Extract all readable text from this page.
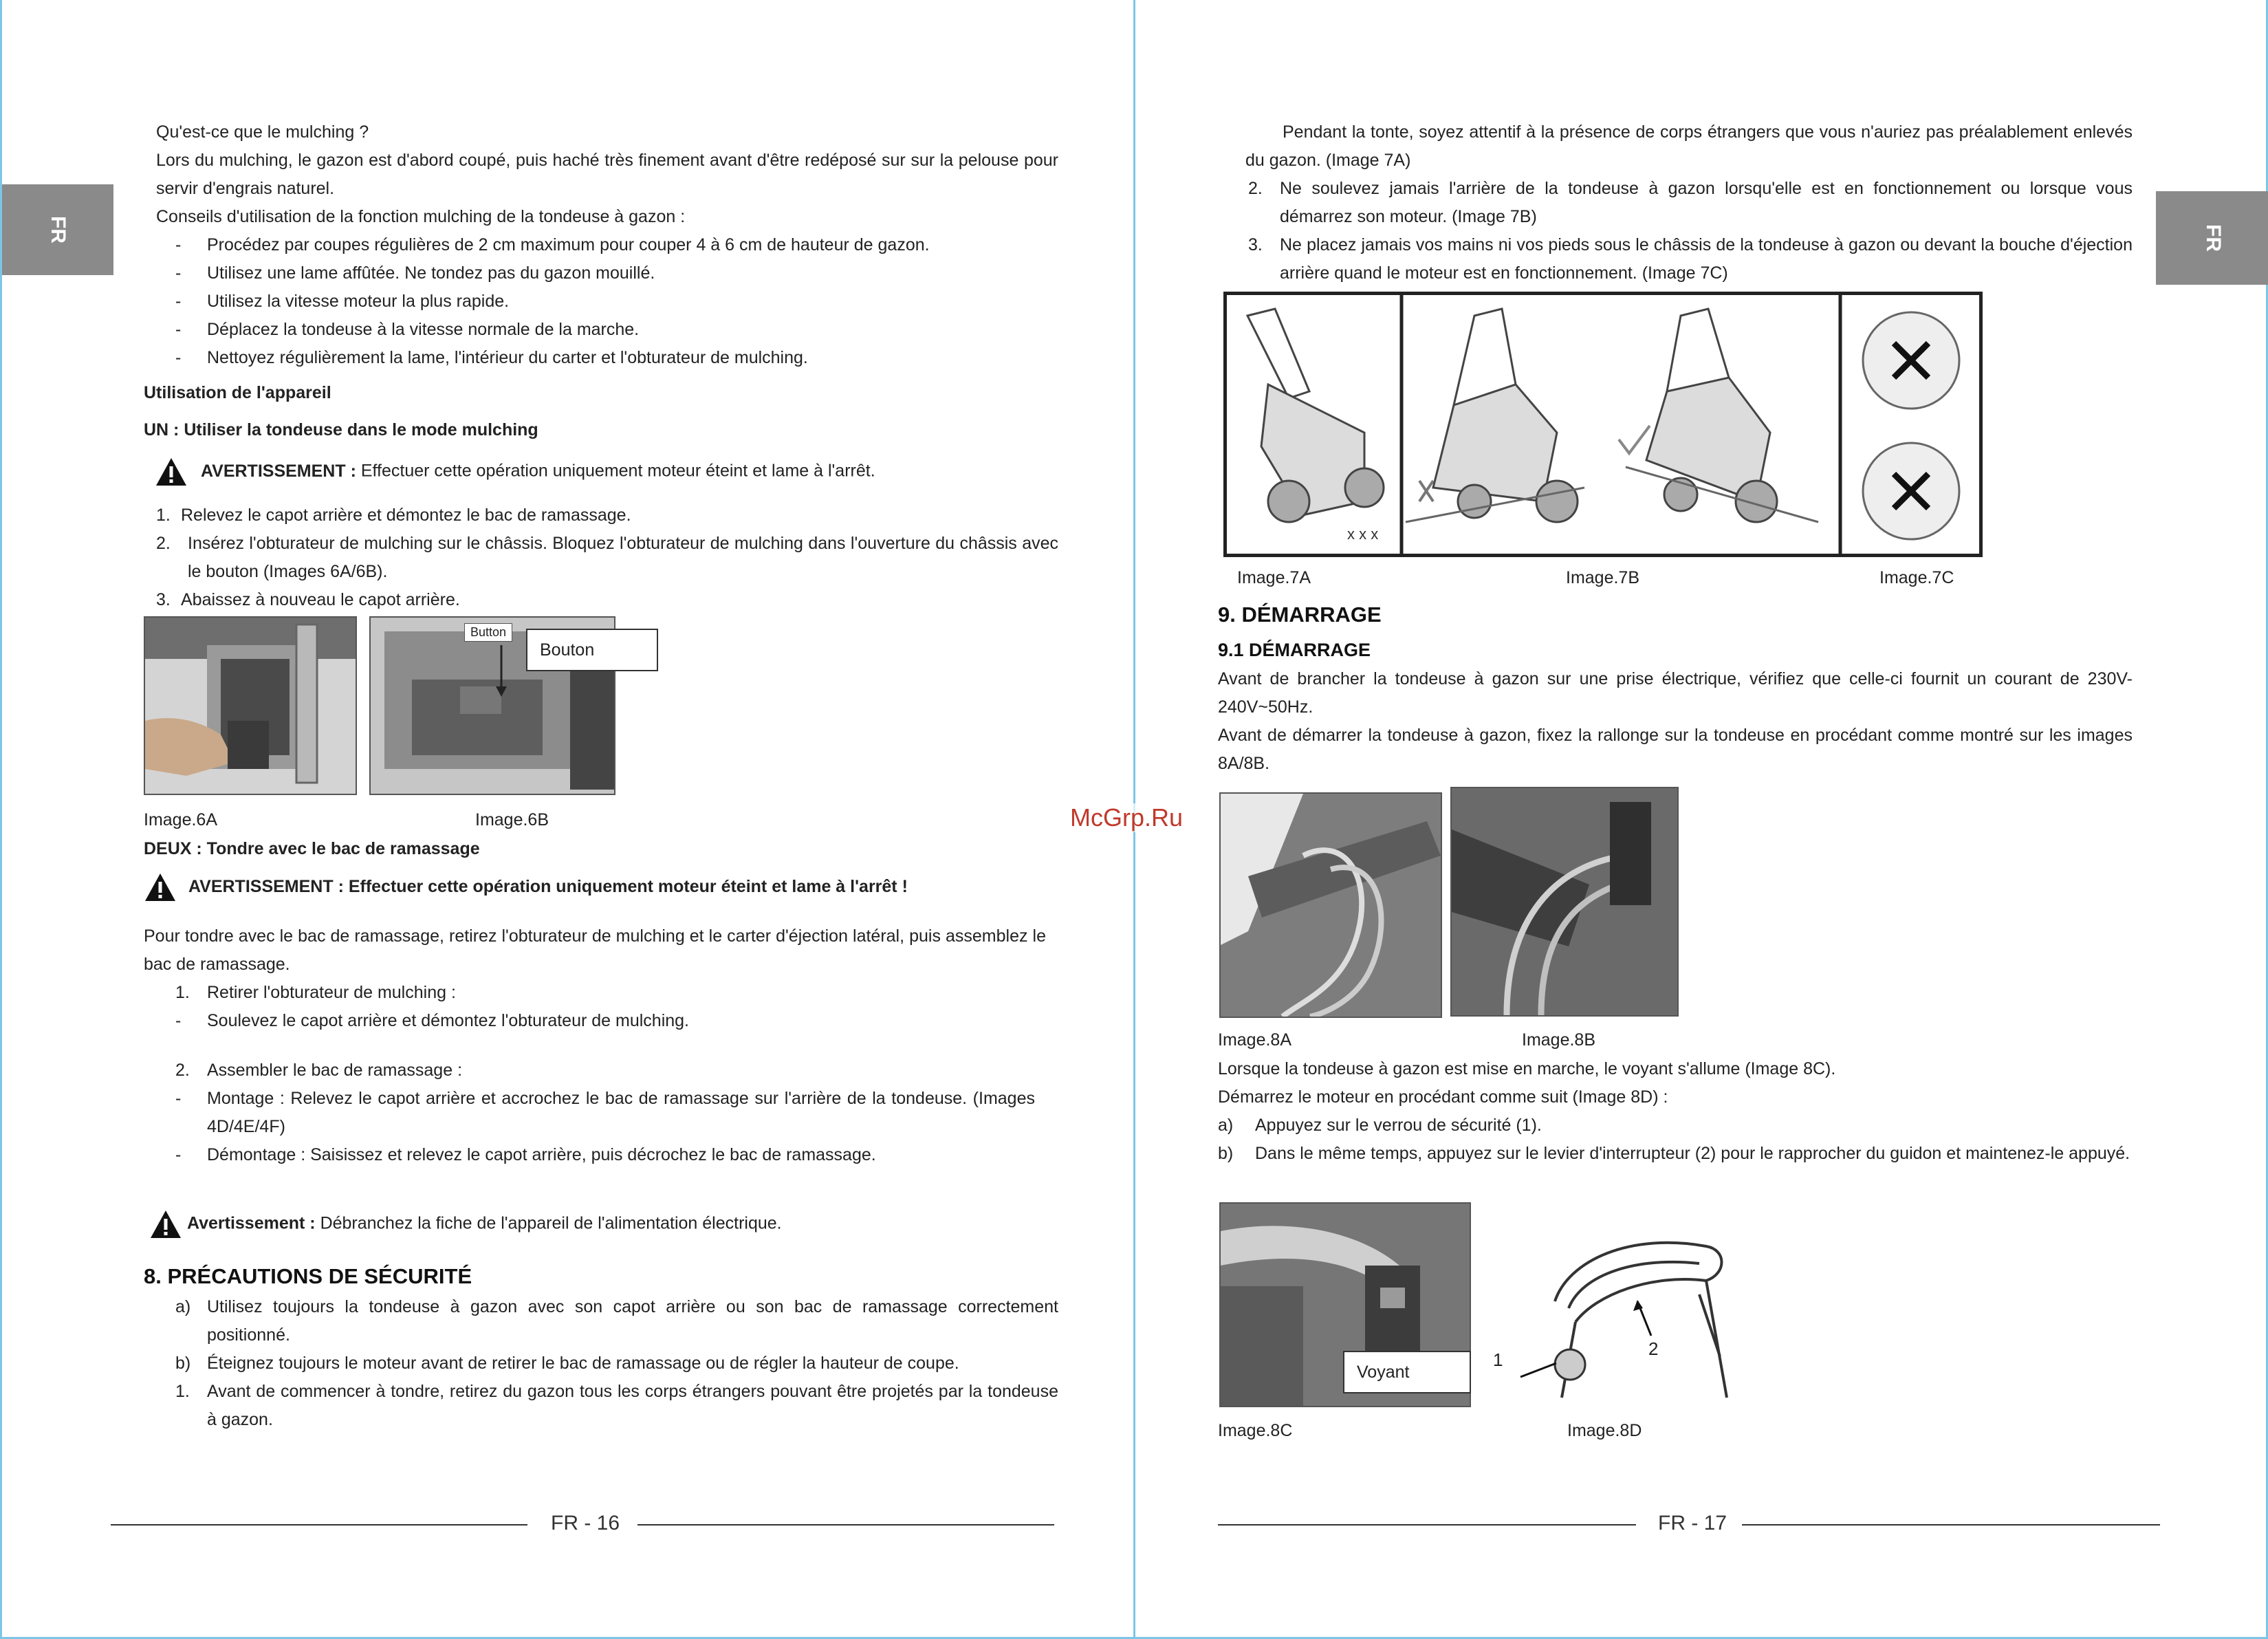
FR
Qu'est-ce que le mulching ?
Lors du mulching, le gazon est d'abord coupé, puis haché très finement avant d'être redéposé sur sur la pelouse pour servir d'engrais naturel.
Conseils d'utilisation de la fonction mulching de la tondeuse à gazon :
-	Procédez par coupes régulières de 2 cm maximum pour couper 4 à 6 cm de hauteur de gazon.
-	Utilisez une lame affûtée. Ne tondez pas du gazon mouillé.
-	Utilisez la vitesse moteur la plus rapide.
-	Déplacez la tondeuse à la vitesse normale de la marche.
-	Nettoyez régulièrement la lame, l'intérieur du carter et l'obturateur de mulching.
Utilisation de l'appareil
UN : Utiliser la tondeuse dans le mode mulching
AVERTISSEMENT : Effectuer cette opération uniquement moteur éteint et lame à l'arrêt.
1. Relevez le capot arrière et démontez le bac de ramassage.
2.	Insérez l'obturateur de mulching sur le châssis. Bloquez l'obturateur de mulching dans l'ouverture du châssis avec le bouton (Images 6A/6B).
3. Abaissez à nouveau le capot arrière.
Button
Bouton
Image.6A	Image.6B
DEUX : Tondre avec le bac de ramassage
AVERTISSEMENT : Effectuer cette opération uniquement moteur éteint et lame à l'arrêt !
Pour tondre avec le bac de ramassage, retirez l'obturateur de mulching et le carter d'éjection latéral, puis assemblez le bac de ramassage.
1.	Retirer l'obturateur de mulching :
-	Soulevez le capot arrière et démontez l'obturateur de mulching.
2.	Assembler le bac de ramassage :
-	Montage : Relevez le capot arrière et accrochez le bac de ramassage sur l'arrière de la tondeuse. (Images 4D/4E/4F)
-	Démontage : Saisissez et relevez le capot arrière, puis décrochez le bac de ramassage.
Avertissement : Débranchez la fiche de l'appareil de l'alimentation électrique.
8. PRÉCAUTIONS DE SÉCURITÉ
a) Utilisez toujours la tondeuse à gazon avec son capot arrière ou son bac de ramassage correctement positionné.
b) Éteignez toujours le moteur avant de retirer le bac de ramassage ou de régler la hauteur de coupe.
1.	Avant de commencer à tondre, retirez du gazon tous les corps étrangers pouvant être projetés par la tondeuse à gazon.
FR - 16
McGrp.Ru
FR
Pendant la tonte, soyez attentif à la présence de corps étrangers que vous n'auriez pas préalablement enlevés du gazon. (Image 7A)
2.	Ne soulevez jamais l'arrière de la tondeuse à gazon lorsqu'elle est en fonctionnement ou lorsque vous démarrez son moteur. (Image 7B)
3.	Ne placez jamais vos mains ni vos pieds sous le châssis de la tondeuse à gazon ou devant la bouche d'éjection arrière quand le moteur est en fonctionnement. (Image 7C)
x x x
Image.7A	Image.7B	Image.7C
9. DÉMARRAGE
9.1 DÉMARRAGE
Avant de brancher la tondeuse à gazon sur une prise électrique, vérifiez que celle-ci fournit un courant de 230V-240V~50Hz.
Avant de démarrer la tondeuse à gazon, fixez la rallonge sur la tondeuse en procédant comme montré sur les images 8A/8B.
Image.8A	Image.8B
Lorsque la tondeuse à gazon est mise en marche, le voyant s'allume (Image 8C).
Démarrez le moteur en procédant comme suit (Image 8D) :
a)	Appuyez sur le verrou de sécurité (1).
b)	Dans le même temps, appuyez sur le levier d'interrupteur (2) pour le rapprocher du guidon et maintenez-le appuyé.
Voyant
1
2
Image.8C	Image.8D
FR - 17
